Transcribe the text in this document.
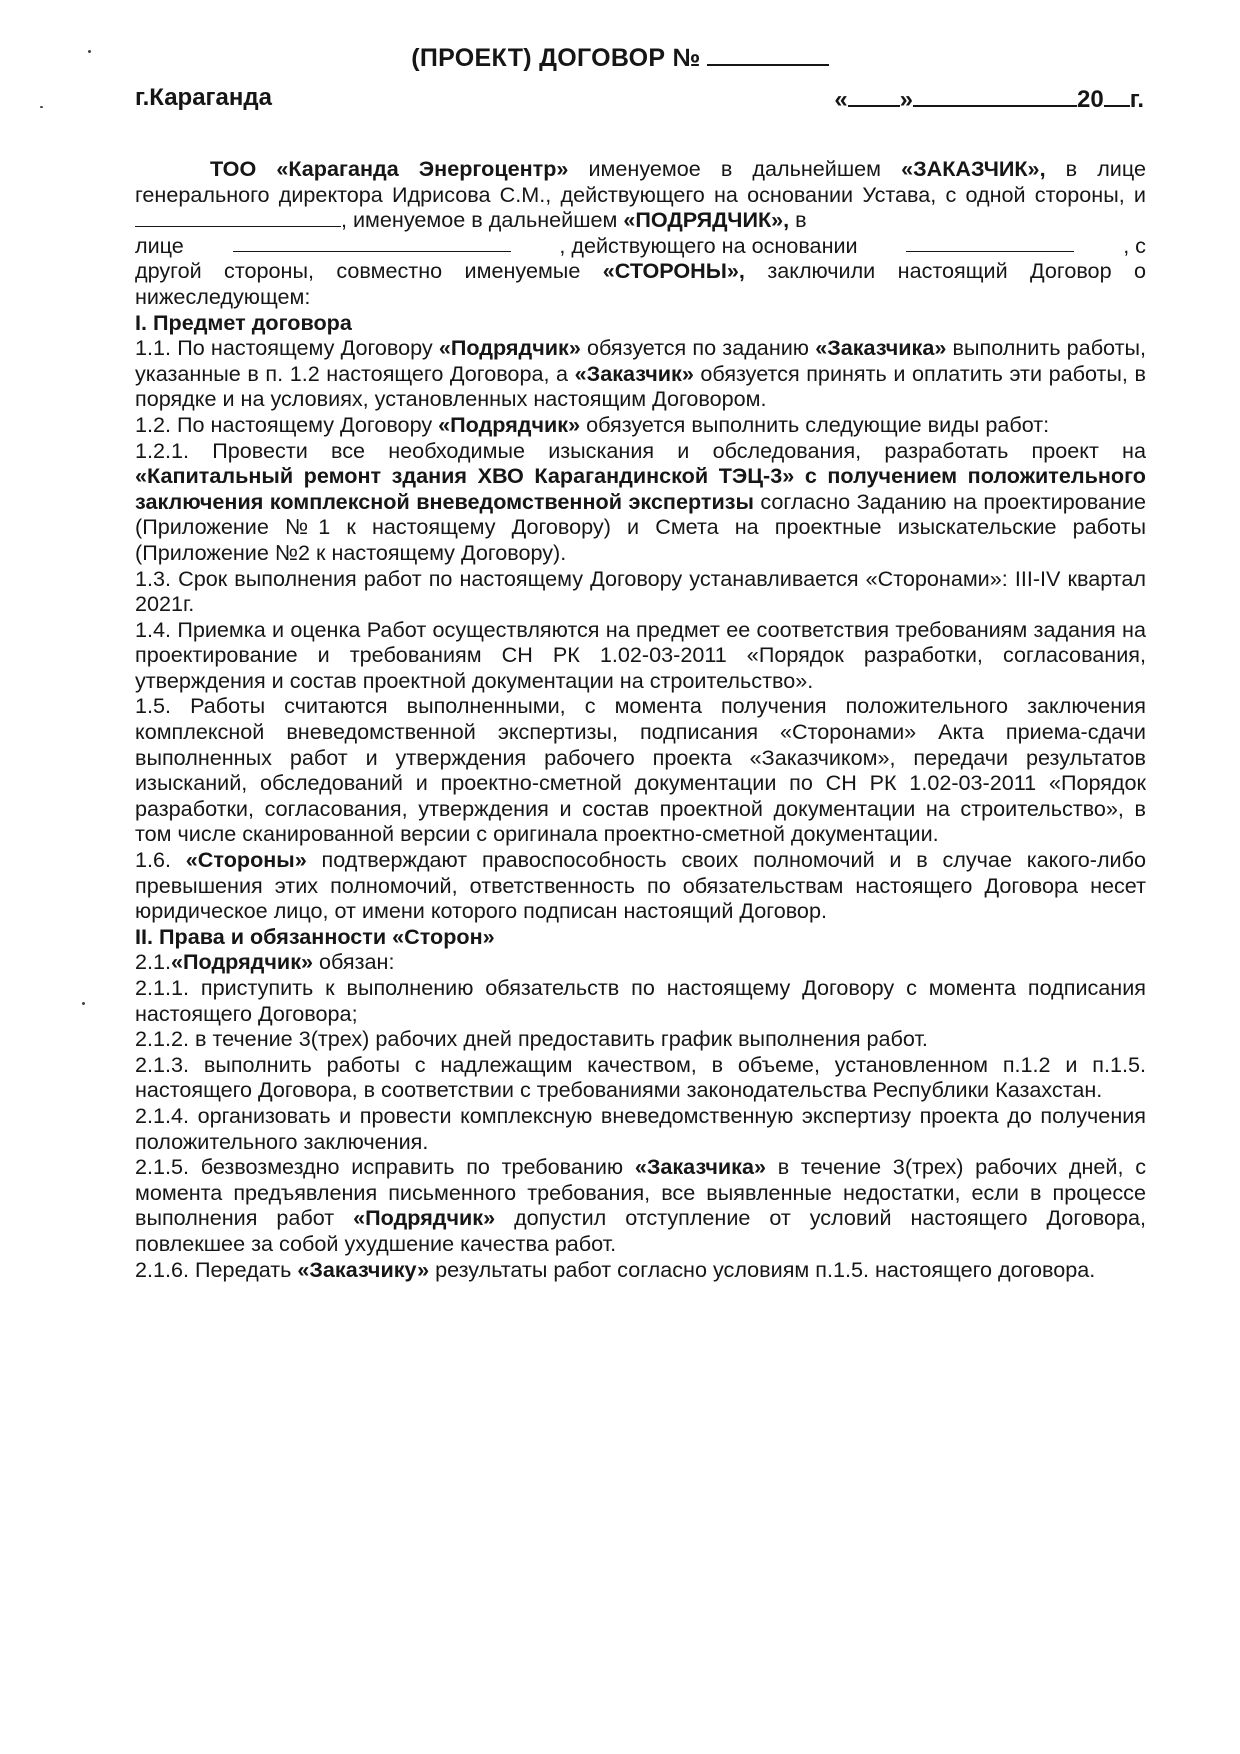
(ПРОЕКТ) ДОГОВОР №
г.Караганда	« »	20 г.

ТОО «Караганда Энергоцентр» именуемое в дальнейшем «ЗАКАЗЧИК», в лице генерального директора Идрисова С.М., действующего на основании Устава, с одной стороны, и , именуемое в дальнейшем «ПОДРЯДЧИК», в

лице	, действующего на основании	, с

другой стороны, совместно именуемые «СТОРОНЫ», заключили настоящий Договор о нижеследующем:

I. Предмет договора

1.1. По настоящему Договору «Подрядчик» обязуется по заданию «Заказчика» выполнить работы, указанные в п. 1.2 настоящего Договора, а «Заказчик» обязуется принять и оплатить эти работы, в порядке и на условиях, установленных настоящим Договором.

1.2. По настоящему Договору «Подрядчик» обязуется выполнить следующие виды работ:

1.2.1. Провести все необходимые изыскания и обследования, разработать проект на «Капитальный ремонт здания ХВО Карагандинской ТЭЦ-3» с получением положительного заключения комплексной вневедомственной экспертизы согласно Заданию на проектирование (Приложение №1 к настоящему Договору) и Смета на проектные изыскательские работы (Приложение №2 к настоящему Договору).

1.3. Срок выполнения работ по настоящему Договору устанавливается «Сторонами»: III-IV квартал 2021г.

1.4. Приемка и оценка Работ осуществляются на предмет ее соответствия требованиям задания на проектирование и требованиям СН РК 1.02-03-2011 «Порядок разработки, согласования, утверждения и состав проектной документации на строительство».

1.5. Работы считаются выполненными, с момента получения положительного заключения комплексной вневедомственной экспертизы, подписания «Сторонами» Акта приема-сдачи выполненных работ и утверждения рабочего проекта «Заказчиком», передачи результатов изысканий, обследований и проектно-сметной документации по СН РК 1.02-03-2011 «Порядок разработки, согласования, утверждения и состав проектной документации на строительство», в том числе сканированной версии с оригинала проектно-сметной документации.

1.6. «Стороны» подтверждают правоспособность своих полномочий и в случае какого-либо превышения этих полномочий, ответственность по обязательствам настоящего Договора несет юридическое лицо, от имени которого подписан настоящий Договор.

II. Права и обязанности «Сторон»

2.1.«Подрядчик» обязан:

2.1.1. приступить к выполнению обязательств по настоящему Договору с момента подписания настоящего Договора;

2.1.2. в течение 3(трех) рабочих дней предоставить график выполнения работ.

2.1.3. выполнить работы с надлежащим качеством, в объеме, установленном п.1.2 и п.1.5. настоящего Договора, в соответствии с требованиями законодательства Республики Казахстан.

2.1.4. организовать и провести комплексную вневедомственную экспертизу проекта до получения положительного заключения.

2.1.5. безвозмездно исправить по требованию «Заказчика» в течение 3(трех) рабочих дней, с момента предъявления письменного требования, все выявленные недостатки, если в процессе выполнения работ «Подрядчик» допустил отступление от условий настоящего Договора, повлекшее за собой ухудшение качества работ.

2.1.6. Передать «Заказчику» результаты работ согласно условиям п.1.5. настоящего договора.
